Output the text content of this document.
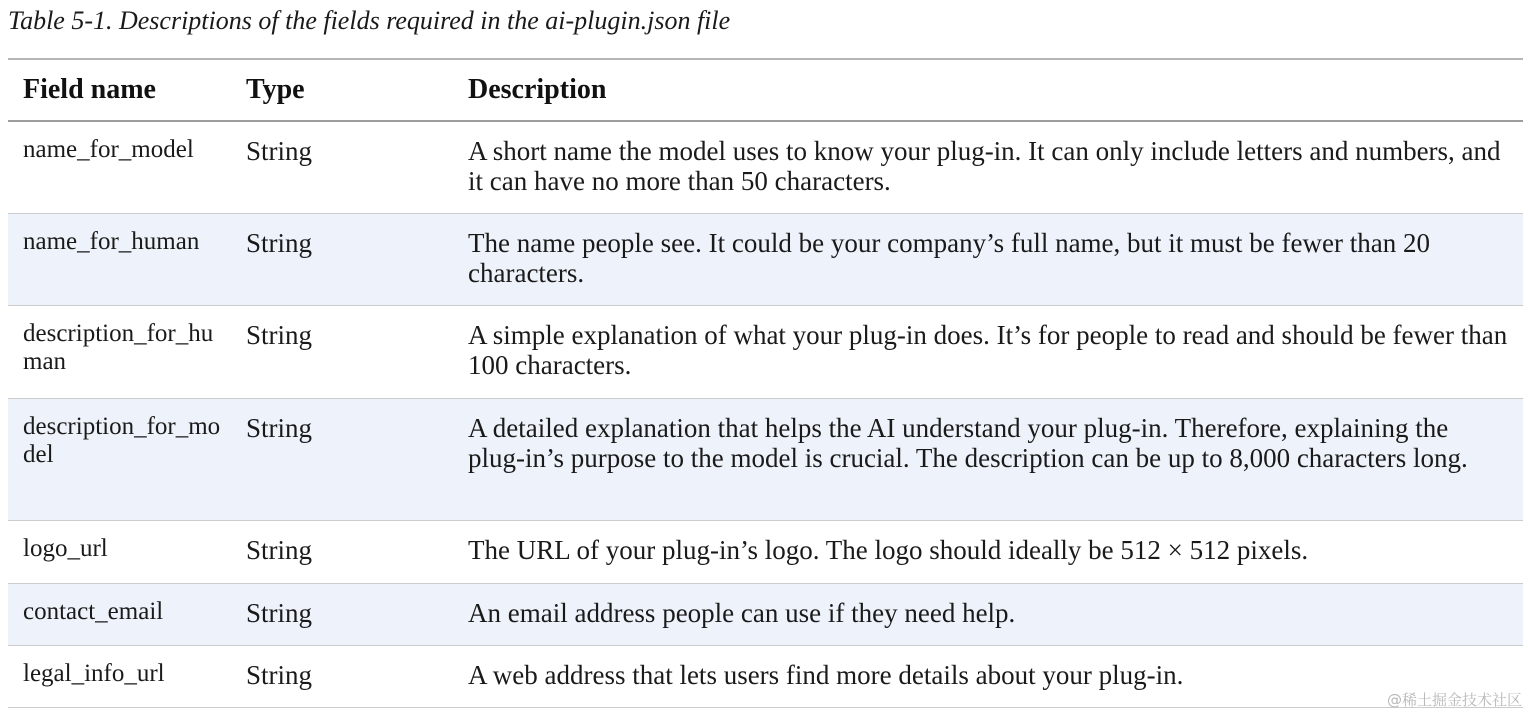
Table 5-1. Descriptions of the fields required in the ai-plugin.json file
Field name	Type	Description
name_for_model	String	A short name the model uses to know your plug-in. It can only include letters and numbers, and it can have no more than 50 characters.
name_for_human	String	The name people see. It could be your company’s full name, but it must be fewer than 20 characters.
description_for_human	String	A simple explanation of what your plug-in does. It’s for people to read and should be fewer than 100 characters.
description_for_model	String	A detailed explanation that helps the AI understand your plug-in. Therefore, explaining the plug-in’s purpose to the model is crucial. The description can be up to 8,000 characters long.
logo_url	String	The URL of your plug-in’s logo. The logo should ideally be 512 × 512 pixels.
contact_email	String	An email address people can use if they need help.
legal_info_url	String	A web address that lets users find more details about your plug-in.
@稀土掘金技术社区
